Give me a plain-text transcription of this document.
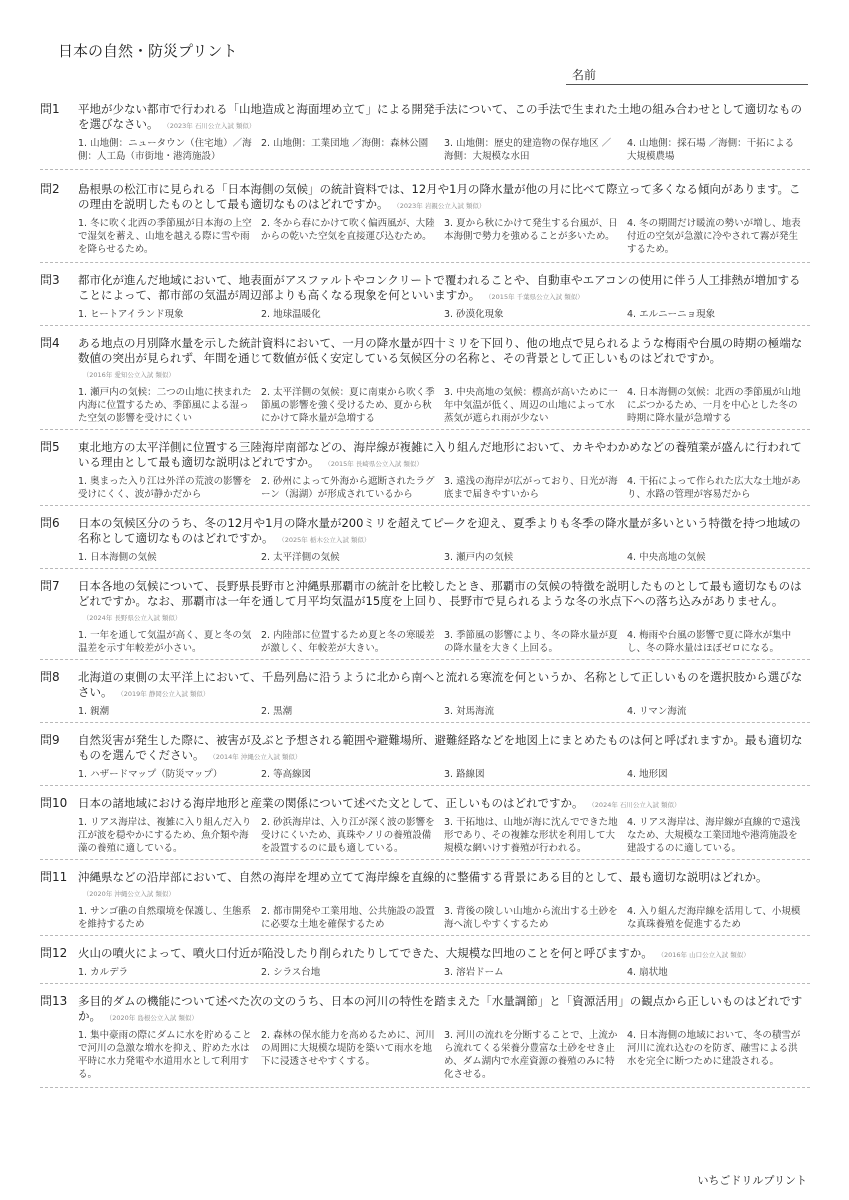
日本の自然・防災プリント
名前
問1 平地が少ない都市で行われる「山地造成と海面埋め立て」による開発手法について、この手法で生まれた土地の組み合わせとして適切なものを選びなさい。 （2023年 石川公立入試 類似）
1. 山地側：ニュータウン（住宅地）／海側：人工島（市街地・港湾施設）
2. 山地側：工業団地 ／海側：森林公園	3. 山地側：歴史的建造物の保存地区 ／ 海側：大規模な水田
4. 山地側：採石場 ／海側：干拓による大規模農場
問2 島根県の松江市に見られる「日本海側の気候」の統計資料では、12月や1月の降水量が他の月に比べて際立って多くなる傾向があります。この理由を説明したものとして最も適切なものはどれですか。 （2023年 岩親公立入試 類似）
1. 冬に吹く北西の季節風が日本海の上空で湿気を蓄え、山地を越える際に雪や雨を降らせるため。
2. 冬から春にかけて吹く偏西風が、大陸からの乾いた空気を直接運び込むため。
3. 夏から秋にかけて発生する台風が、日本海側で勢力を強めることが多いため。
4. 冬の期間だけ暖流の勢いが増し、地表付近の空気が急激に冷やされて霧が発生するため。
問3 都市化が進んだ地域において、地表面がアスファルトやコンクリートで覆われることや、自動車やエアコンの使用に伴う人工排熱が増加することによって、都市部の気温が周辺部よりも高くなる現象を何といいますか。 （2015年 千葉県公立入試 類似）
1. ヒートアイランド現象	2. 地球温暖化	3. 砂漠化現象	4. エルニーニョ現象
問4 ある地点の月別降水量を示した統計資料において、一月の降水量が四十ミリを下回り、他の地点で見られるような梅雨や台風の時期の極端な数値の突出が見られず、年間を通じて数値が低く安定している気候区分の名称と、その背景として正しいものはどれですか。（2016年 愛知公立入試 類似）
1. 瀬戸内の気候：二つの山地に挟まれた内海に位置するため、季節風による湿った空気の影響を受けにくい
2. 太平洋側の気候：夏に南東から吹く季節風の影響を強く受けるため、夏から秋にかけて降水量が急増する
3. 中央高地の気候：標高が高いために一年中気温が低く、周辺の山地によって水蒸気が遮られ雨が少ない
4. 日本海側の気候：北西の季節風が山地にぶつかるため、一月を中心とした冬の時期に降水量が急増する
問5 東北地方の太平洋側に位置する三陸海岸南部などの、海岸線が複雑に入り組んだ地形において、カキやわかめなどの養殖業が盛んに行われている理由として最も適切な説明はどれですか。 （2015年 長崎県公立入試 類似）
1. 奥まった入り江は外洋の荒波の影響を受けにくく、波が静かだから
2. 砂州によって外海から遮断されたラグーン（潟湖）が形成されているから
3. 遠浅の海岸が広がっており、日光が海底まで届きやすいから
4. 干拓によって作られた広大な土地があり、水路の管理が容易だから
問6 日本の気候区分のうち、冬の12月や1月の降水量が200ミリを超えてピークを迎え、夏季よりも冬季の降水量が多いという特徴を持つ地域の名称として適切なものはどれですか。 （2025年 栃木公立入試 類似）
1. 日本海側の気候	2. 太平洋側の気候	3. 瀬戸内の気候	4. 中央高地の気候
問7 日本各地の気候について、長野県長野市と沖縄県那覇市の統計を比較したとき、那覇市の気候の特徴を説明したものとして最も適切なものはどれですか。なお、那覇市は一年を通して月平均気温が15度を上回り、長野市で見られるような冬の氷点下への落ち込みがありません。（2024年 長野県公立入試 類似）
1. 一年を通して気温が高く、夏と冬の気温差を示す年較差が小さい。
2. 内陸部に位置するため夏と冬の寒暖差が激しく、年較差が大きい。
3. 季節風の影響により、冬の降水量が夏の降水量を大きく上回る。
4. 梅雨や台風の影響で夏に降水が集中し、冬の降水量はほぼゼロになる。
問8 北海道の東側の太平洋上において、千島列島に沿うように北から南へと流れる寒流を何というか、名称として正しいものを選択肢から選びなさい。 （2019年 静岡公立入試 類似）
1. 親潮	2. 黒潮	3. 対馬海流	4. リマン海流
問9 自然災害が発生した際に、被害が及ぶと予想される範囲や避難場所、避難経路などを地図上にまとめたものは何と呼ばれますか。最も適切なものを選んでください。 （2014年 沖縄公立入試 類似）
1. ハザードマップ（防災マップ）	2. 等高線図	3. 路線図	4. 地形図
問10 日本の諸地域における海岸地形と産業の関係について述べた文として、正しいものはどれですか。 （2024年 石川公立入試 類似）
1. リアス海岸は、複雑に入り組んだ入り江が波を穏やかにするため、魚介類や海藻の養殖に適している。
2. 砂浜海岸は、入り江が深く波の影響を受けにくいため、真珠やノリの養殖設備を設置するのに最も適している。
3. 干拓地は、山地が海に沈んでできた地形であり、その複雑な形状を利用して大規模な網いけす養殖が行われる。
4. リアス海岸は、海岸線が直線的で遠浅なため、大規模な工業団地や港湾施設を建設するのに適している。
問11 沖縄県などの沿岸部において、自然の海岸を埋め立てて海岸線を直線的に整備する背景にある目的として、最も適切な説明はどれか。（2020年 沖縄公立入試 類似）
1. サンゴ礁の自然環境を保護し、生態系を維持するため
2. 都市開発や工業用地、公共施設の設置に必要な土地を確保するため
3. 背後の険しい山地から流出する土砂を海へ流しやすくするため
4. 入り組んだ海岸線を活用して、小規模な真珠養殖を促進するため
問12 火山の噴火によって、噴火口付近が陥没したり削られたりしてできた、大規模な凹地のことを何と呼びますか。 （2016年 山口公立入試 類似）
1. カルデラ	2. シラス台地	3. 溶岩ドーム	4. 扇状地
問13 多目的ダムの機能について述べた次の文のうち、日本の河川の特性を踏まえた「水量調節」と「資源活用」の観点から正しいものはどれですか。 （2020年 島根公立入試 類似）
1. 集中豪雨の際にダムに水を貯めることで河川の急激な増水を抑え、貯めた水は平時に水力発電や水道用水として利用する。
2. 森林の保水能力を高めるために、河川の周囲に大規模な堤防を築いて雨水を地下に浸透させやすくする。
3. 河川の流れを分断することで、上流から流れてくる栄養分豊富な土砂をせき止め、ダム湖内で水産資源の養殖のみに特化させる。
4. 日本海側の地域において、冬の積雪が河川に流れ込むのを防ぎ、融雪による洪水を完全に断つために建設される。
いちごドリルプリント
